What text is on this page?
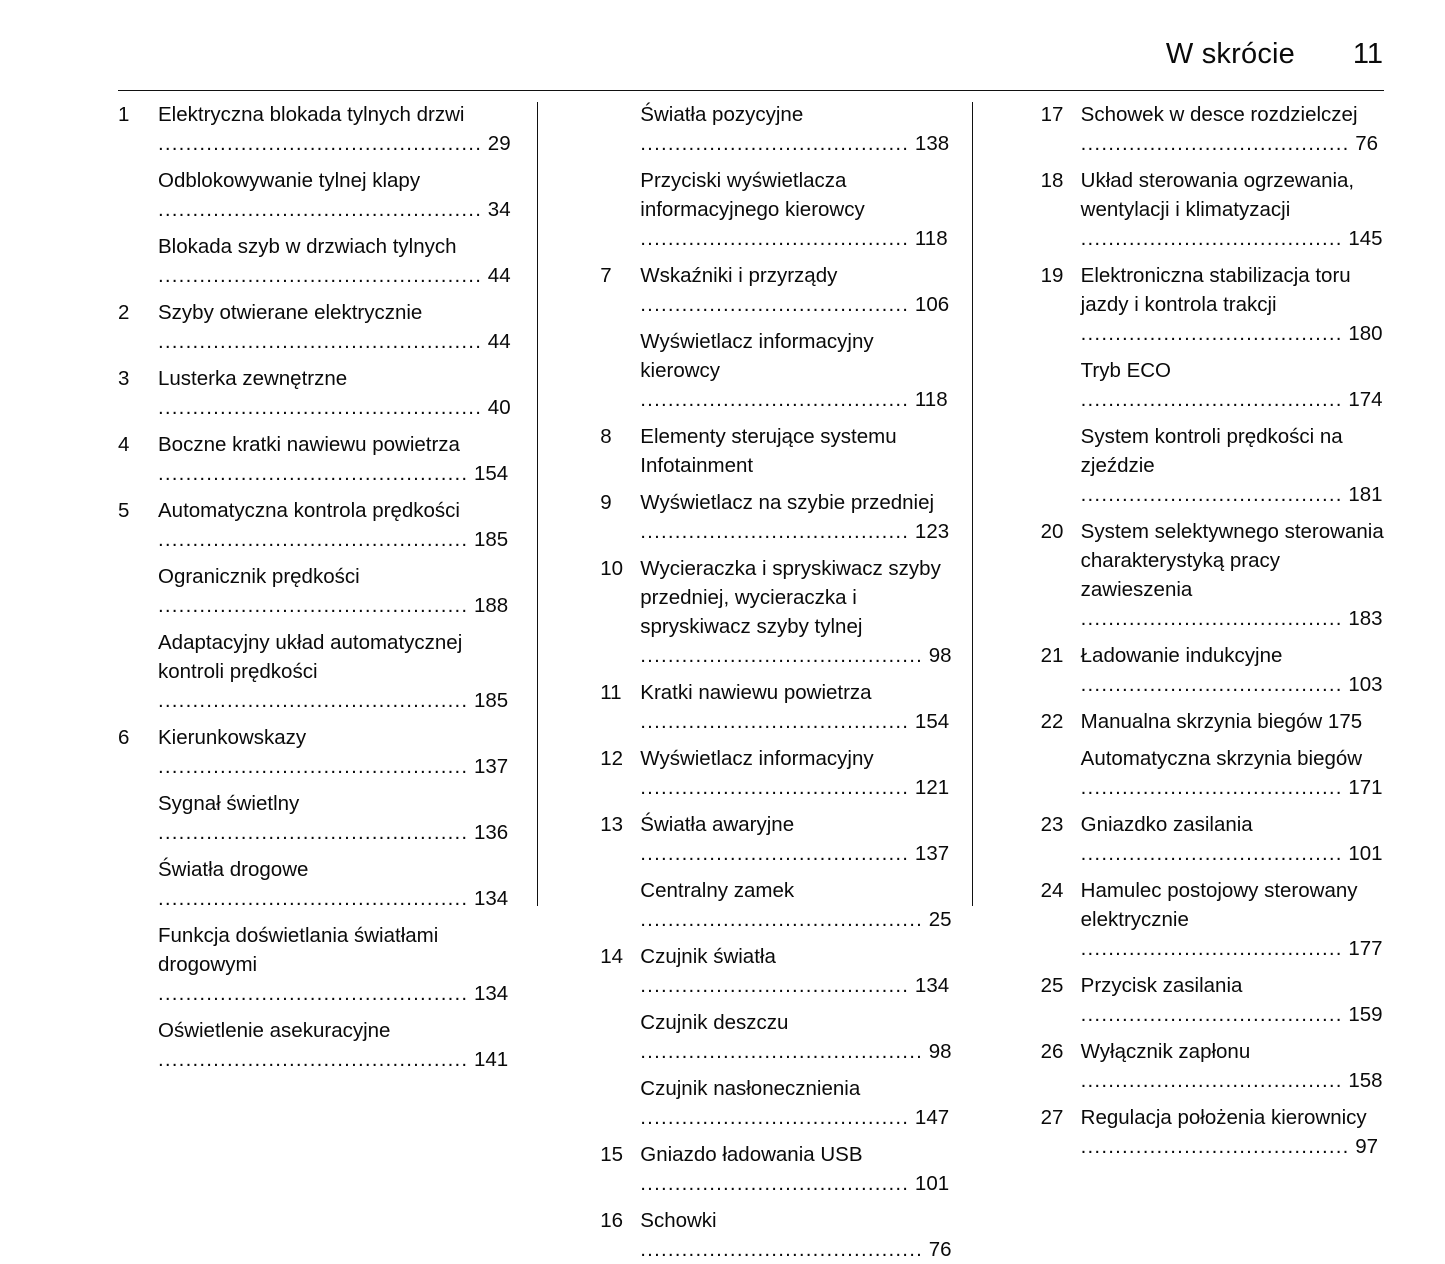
W skrócie 11
1	Elektryczna blokada tylnych drzwi ............................................... 29
Odblokowywanie tylnej klapy ............................................... 34
Blokada szyb w drzwiach tylnych ............................................... 44
2	Szyby otwierane elektrycznie ............................................... 44
3	Lusterka zewnętrzne ............................................... 40
4	Boczne kratki nawiewu powietrza ............................................. 154
5	Automatyczna kontrola prędkości ............................................. 185
Ogranicznik prędkości ............................................. 188
Adaptacyjny układ automatycznej kontroli prędkości ............................................. 185
6	Kierunkowskazy ............................................. 137
Sygnał świetlny ............................................. 136
Światła drogowe ............................................. 134
Funkcja doświetlania światłami drogowymi ............................................. 134
Oświetlenie asekuracyjne ............................................. 141
Światła pozycyjne ....................................... 138
Przyciski wyświetlacza informacyjnego kierowcy ....................................... 118
7	Wskaźniki i przyrządy ....................................... 106
Wyświetlacz informacyjny kierowcy ....................................... 118
8	Elementy sterujące systemu Infotainment
9	Wyświetlacz na szybie przedniej ....................................... 123
10 Wycieraczka i spryskiwacz szyby przedniej, wycieraczka i spryskiwacz szyby tylnej ......................................... 98
11 Kratki nawiewu powietrza ....................................... 154
12 Wyświetlacz informacyjny ....................................... 121
13 Światła awaryjne ....................................... 137
Centralny zamek ......................................... 25
14 Czujnik światła ....................................... 134
Czujnik deszczu ......................................... 98
Czujnik nasłonecznienia ....................................... 147
15 Gniazdo ładowania USB ....................................... 101
16 Schowki ......................................... 76
17 Schowek w desce rozdzielczej ....................................... 76
18 Układ sterowania ogrzewania, wentylacji i klimatyzacji ...................................... 145
19 Elektroniczna stabilizacja toru jazdy i kontrola trakcji ...................................... 180
Tryb ECO ...................................... 174
System kontroli prędkości na zjeździe ...................................... 181
20 System selektywnego sterowania charakterystyką pracy zawieszenia ...................................... 183
21 Ładowanie indukcyjne ...................................... 103
22 Manualna skrzynia biegów 175
Automatyczna skrzynia biegów ...................................... 171
23 Gniazdko zasilania ...................................... 101
24 Hamulec postojowy sterowany elektrycznie ...................................... 177
25 Przycisk zasilania ...................................... 159
26 Wyłącznik zapłonu ...................................... 158
27 Regulacja położenia kierownicy ....................................... 97
